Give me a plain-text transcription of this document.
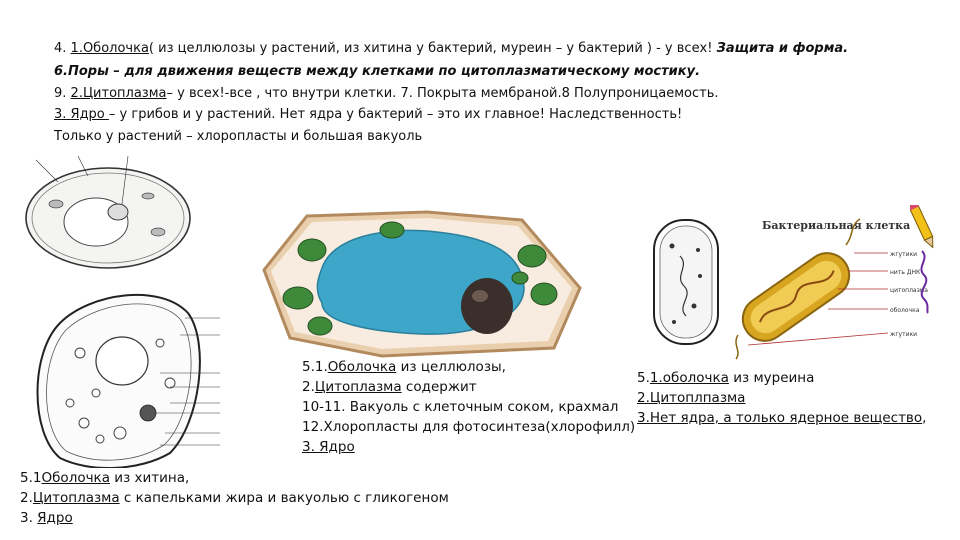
4. 1.Оболочка( из целлюлозы у растений, из хитина у бактерий, муреин – у бактерий ) - у всех! Защита и форма.
6.Поры – для движения веществ между клетками по цитоплазматическому мостику.
9. 2.Цитоплазма– у всех!-все , что внутри клетки. 7. Покрыта мембраной.8 Полупроницаемость.
3. Ядро – у грибов и у растений. Нет ядра у бактерий – это их главное! Наследственность!
Только у растений – хлоропласты и большая вакуоль
Бактериальная клетка
жгутики
нить ДНК
цитоплазма
оболочка
жгутики
5.1.Оболочка из целлюлозы,
2.Цитоплазма содержит
10-11. Вакуоль с клеточным соком, крахмал
12.Хлоропласты для фотосинтеза(хлорофилл)
3. Ядро
5.1.оболочка из муреина
2.Цитоплпазма
3.Нет ядра, а только ядерное вещество,
5.1Оболочка из хитина,
2.Цитоплазма с капельками жира и вакуолью с гликогеном
3. Ядро
